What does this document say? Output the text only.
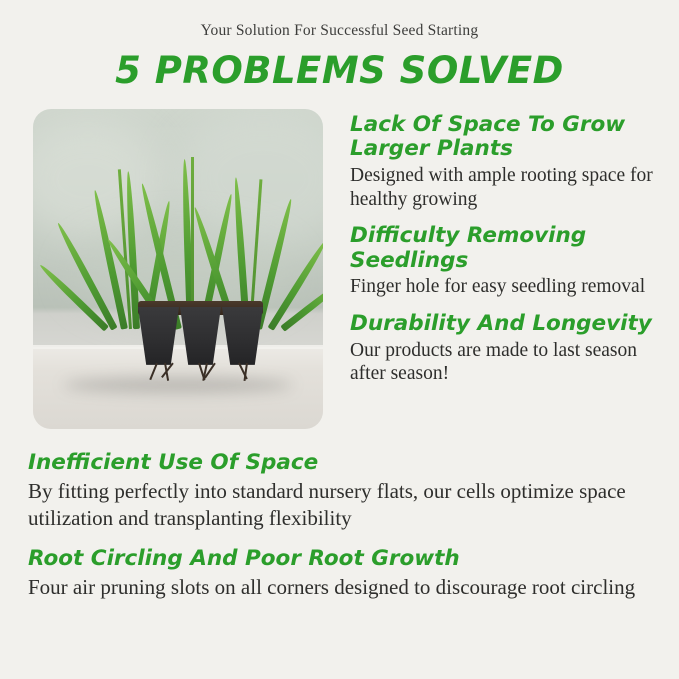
Your Solution For Successful Seed Starting
5 PROBLEMS SOLVED

Lack Of Space To Grow Larger Plants

Designed with ample rooting space for healthy growing

Difficulty Removing Seedlings

Finger hole for easy seedling removal

Durability And Longevity

Our products are made to last season after season!

Inefficient Use Of Space

By fitting perfectly into standard nursery flats, our cells optimize space utilization and transplanting flexibility

Root Circling And Poor Root Growth

Four air pruning slots on all corners designed to discourage root circling
